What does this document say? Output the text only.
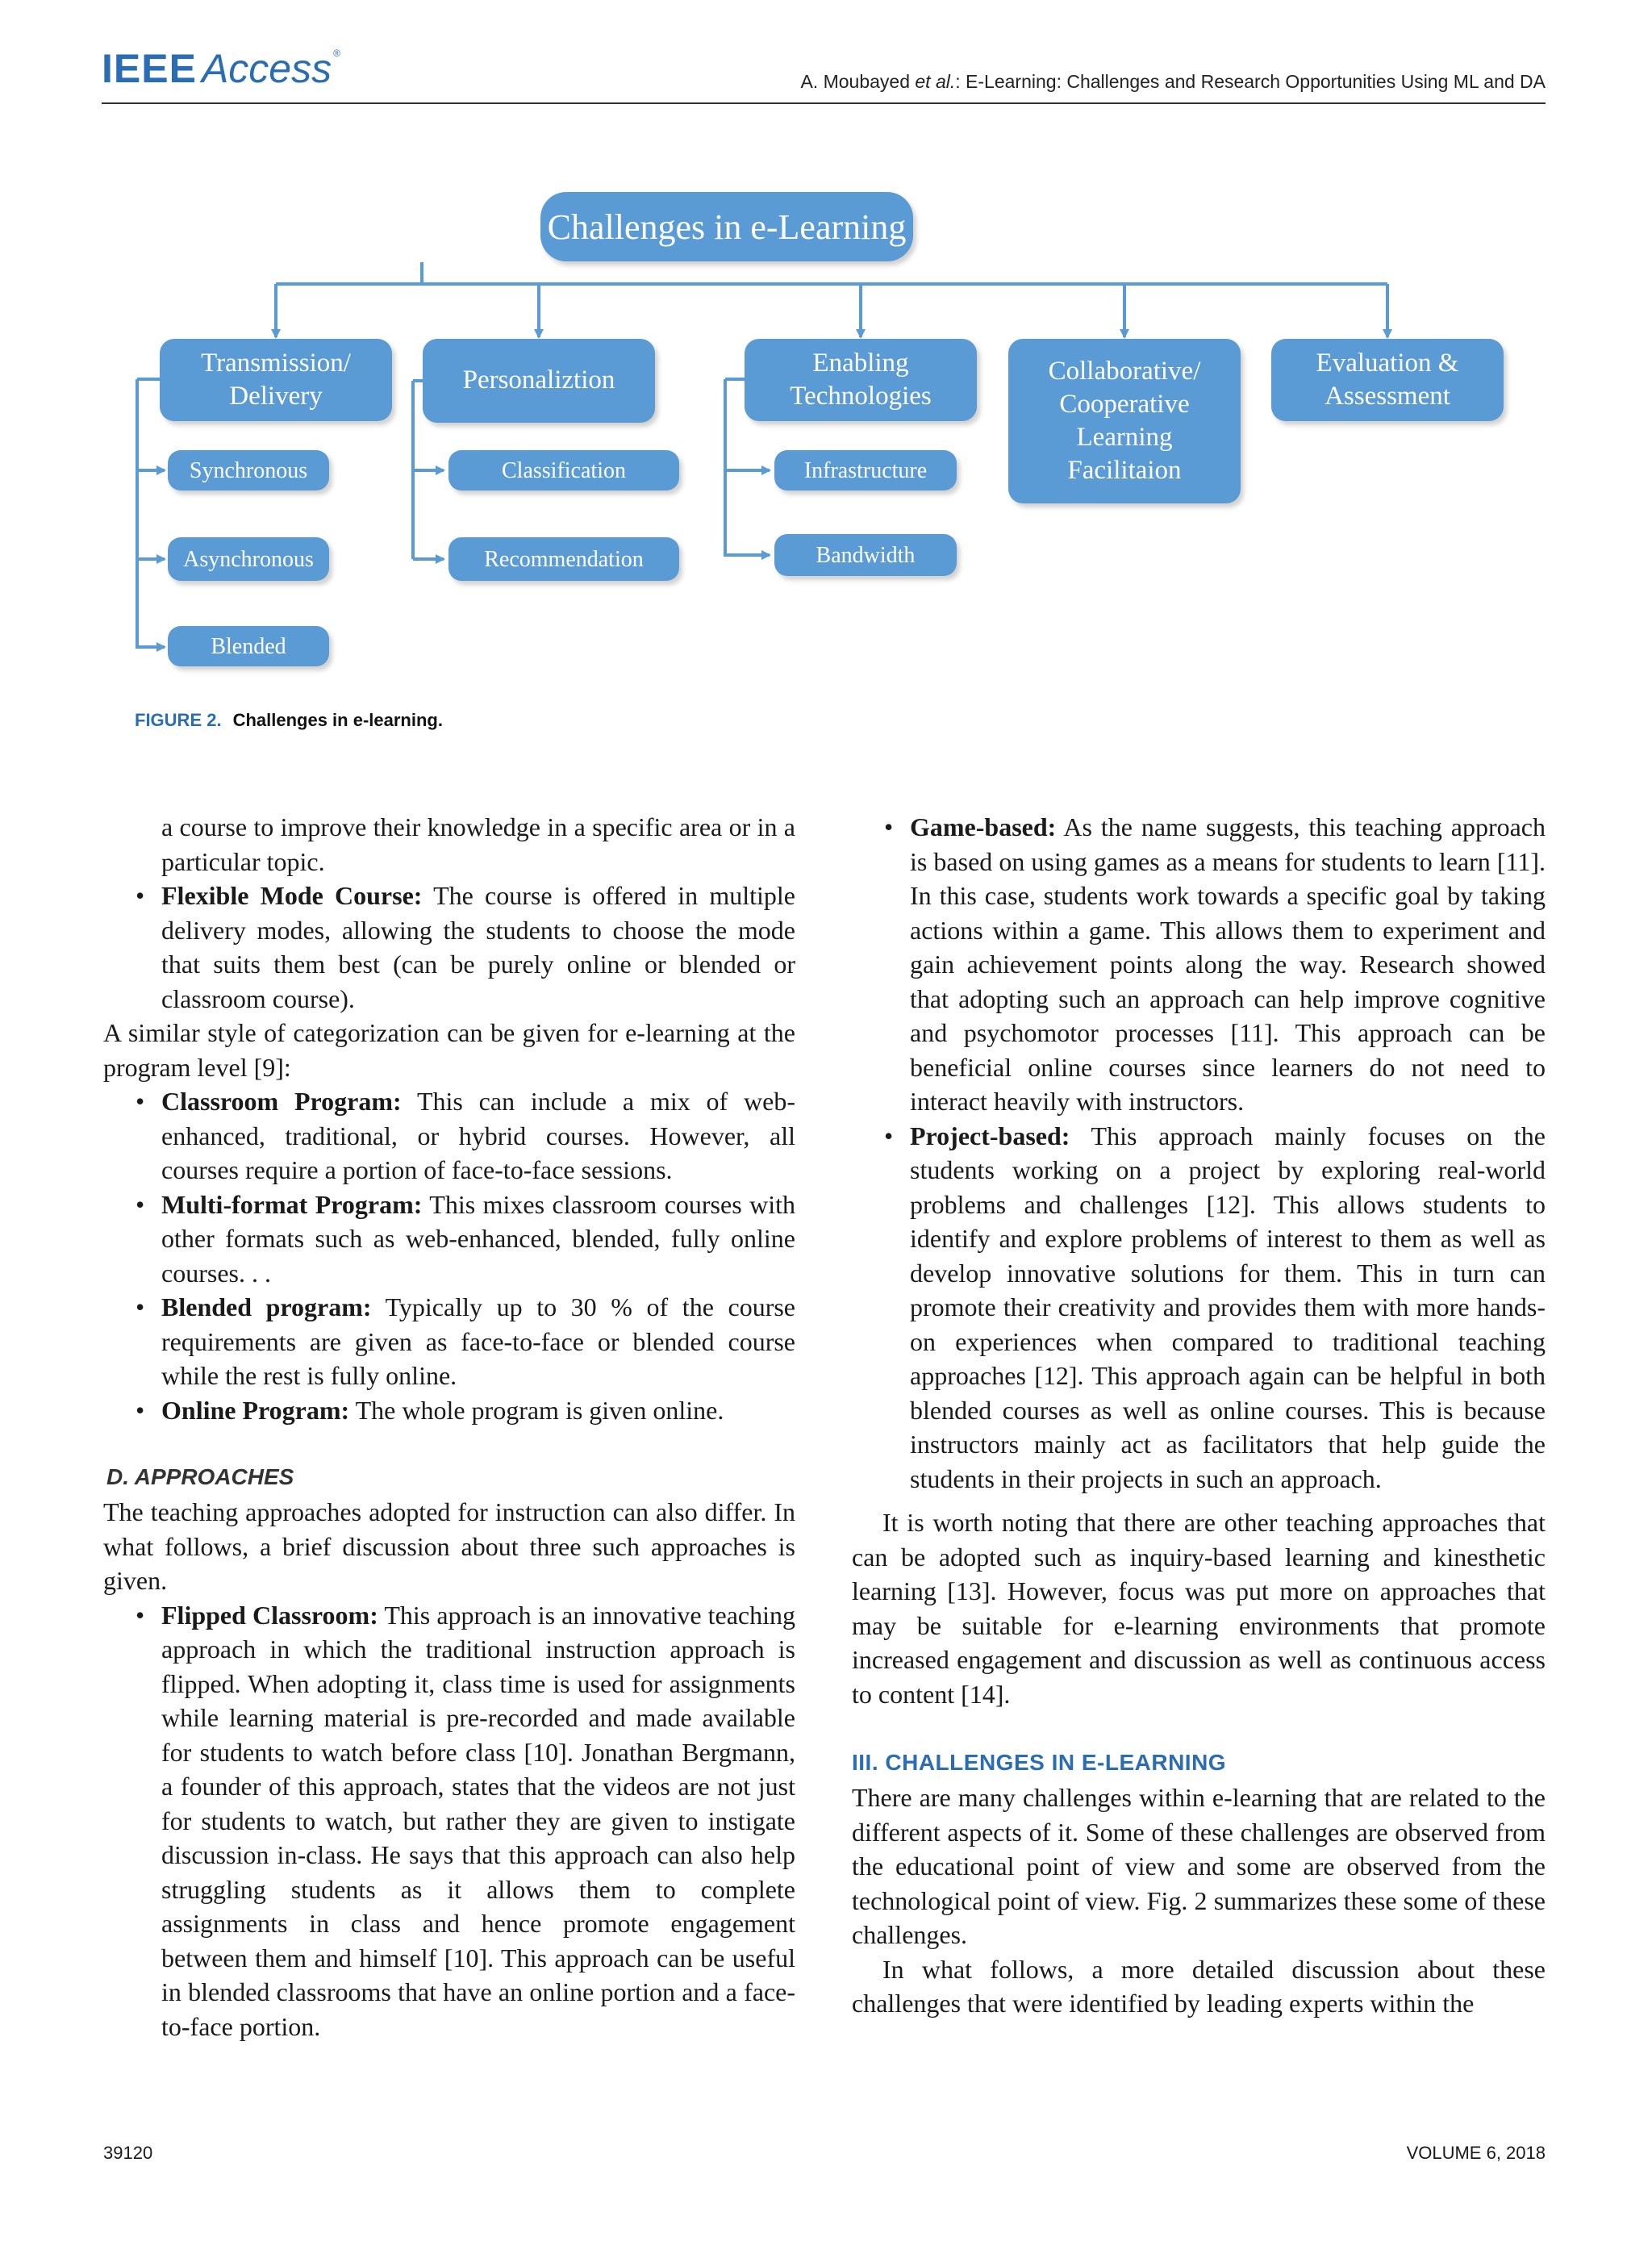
IEEE Access ®
A. Moubayed et al.: E-Learning: Challenges and Research Opportunities Using ML and DA
Challenges in e-Learning
Transmission/
Delivery
Personaliztion
Enabling
Technologies
Collaborative/
Cooperative
Learning
Facilitaion
Evaluation &
Assessment
Synchronous
Asynchronous
Blended
Classification
Recommendation
Infrastructure
Bandwidth
FIGURE 2. Challenges in e-learning.

a course to improve their knowledge in a specific area or in a particular topic.

• Flexible Mode Course: The course is offered in multiple delivery modes, allowing the students to choose the mode that suits them best (can be purely online or blended or classroom course).

A similar style of categorization can be given for e-learning at the program level [9]:

• Classroom Program: This can include a mix of web-enhanced, traditional, or hybrid courses. However, all courses require a portion of face-to-face sessions.
• Multi-format Program: This mixes classroom courses with other formats such as web-enhanced, blended, fully online courses. . .
• Blended program: Typically up to 30 % of the course requirements are given as face-to-face or blended course while the rest is fully online.
• Online Program: The whole program is given online.
D. APPROACHES

The teaching approaches adopted for instruction can also differ. In what follows, a brief discussion about three such approaches is given.

• Flipped Classroom: This approach is an innovative teaching approach in which the traditional instruction approach is flipped. When adopting it, class time is used for assignments while learning material is pre-recorded and made available for students to watch before class [10]. Jonathan Bergmann, a founder of this approach, states that the videos are not just for students to watch, but rather they are given to instigate discussion in-class. He says that this approach can also help struggling students as it allows them to complete assignments in class and hence promote engagement between them and himself [10]. This approach can be useful in blended classrooms that have an online portion and a face-to-face portion.
• Game-based: As the name suggests, this teaching approach is based on using games as a means for students to learn [11]. In this case, students work towards a specific goal by taking actions within a game. This allows them to experiment and gain achievement points along the way. Research showed that adopting such an approach can help improve cognitive and psychomotor processes [11]. This approach can be beneficial online courses since learners do not need to interact heavily with instructors.
• Project-based: This approach mainly focuses on the students working on a project by exploring real-world problems and challenges [12]. This allows students to identify and explore problems of interest to them as well as develop innovative solutions for them. This in turn can promote their creativity and provides them with more hands-on experiences when compared to traditional teaching approaches [12]. This approach again can be helpful in both blended courses as well as online courses. This is because instructors mainly act as facilitators that help guide the students in their projects in such an approach.

It is worth noting that there are other teaching approaches that can be adopted such as inquiry-based learning and kinesthetic learning [13]. However, focus was put more on approaches that may be suitable for e-learning environments that promote increased engagement and discussion as well as continuous access to content [14].

III. CHALLENGES IN E-LEARNING

There are many challenges within e-learning that are related to the different aspects of it. Some of these challenges are observed from the educational point of view and some are observed from the technological point of view. Fig. 2 summarizes these some of these challenges.

In what follows, a more detailed discussion about these challenges that were identified by leading experts within the

39120	VOLUME 6, 2018
